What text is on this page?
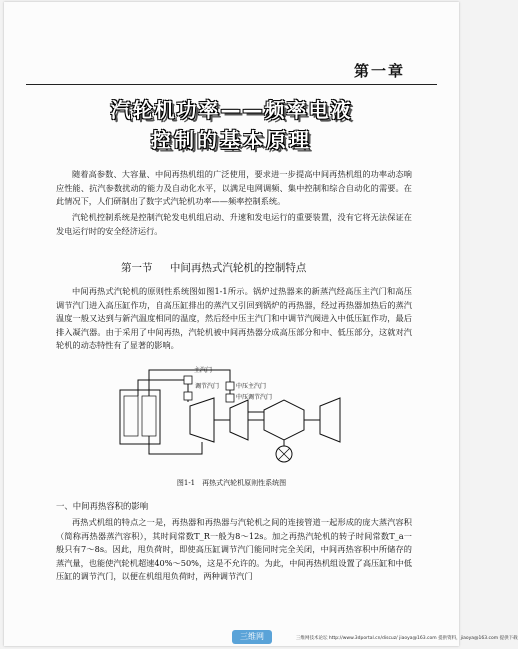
第一章
汽轮机功率——频率电液
控制的基本原理

随着高参数、大容量、中间再热机组的广泛使用，要求进一步提高中间再热机组的功率动态响应性能、抗汽参数扰动的能力及自动化水平，以满足电网调频、集中控制和综合自动化的需要。在此情况下，人们研制出了数字式汽轮机功率——频率控制系统。

汽轮机控制系统是控制汽轮发电机组启动、升速和发电运行的重要装置，没有它将无法保证在发电运行时的安全经济运行。

第一节 中间再热式汽轮机的控制特点

中间再热式汽轮机的原则性系统图如图1-1所示。锅炉过热器来的新蒸汽经高压主汽门和高压调节汽门进入高压缸作功，自高压缸排出的蒸汽又引回到锅炉的再热器，经过再热器加热后的蒸汽温度一般又达到与新汽温度相同的温度，然后经中压主汽门和中调节汽阀进入中低压缸作功，最后排入凝汽器。由于采用了中间再热，汽轮机被中间再热器分成高压部分和中、低压部分，这就对汽轮机的动态特性有了显著的影响。

主汽门
调节汽门	中压主汽门
中压调节汽门
图1-1　再热式汽轮机原则性系统图
一、中间再热容积的影响

再热式机组的特点之一是，再热器和再热器与汽轮机之间的连接管道一起形成的庞大蒸汽容积（简称再热器蒸汽容积），其时间常数T_R一般为8～12s。加之再热汽轮机的转子时间常数T_a一般只有7～8s。因此，甩负荷时，即使高压缸调节汽门能同时完全关闭，中间再热容积中所储存的蒸汽量，也能使汽轮机超速40%～50%，这是不允许的。为此，中间再热机组设置了高压缸和中低压缸的调节汽门，以便在机组甩负荷时，两种调节汽门

三维网	三维网技术论坛 http://www.3dportal.cn/discuz/ jiaoya@163.com 提供资料，jiaoya@163.com 提供下载
